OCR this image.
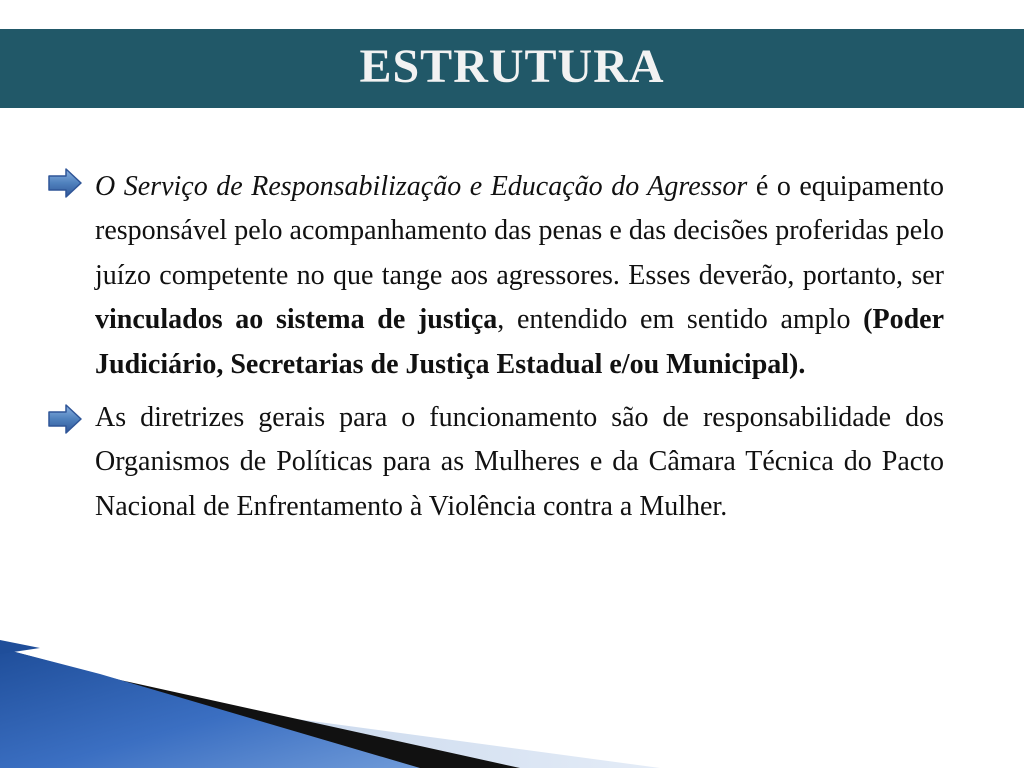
ESTRUTURA

O Serviço de Responsabilização e Educação do Agressor é o equipamento responsável pelo acompanhamento das penas e das decisões proferidas pelo juízo competente no que tange aos agressores. Esses deverão, portanto, ser vinculados ao sistema de justiça, entendido em sentido amplo (Poder Judiciário, Secretarias de Justiça Estadual e/ou Municipal).

As diretrizes gerais para o funcionamento são de responsabilidade dos Organismos de Políticas para as Mulheres e da Câmara Técnica do Pacto Nacional de Enfrentamento à Violência contra a Mulher.
